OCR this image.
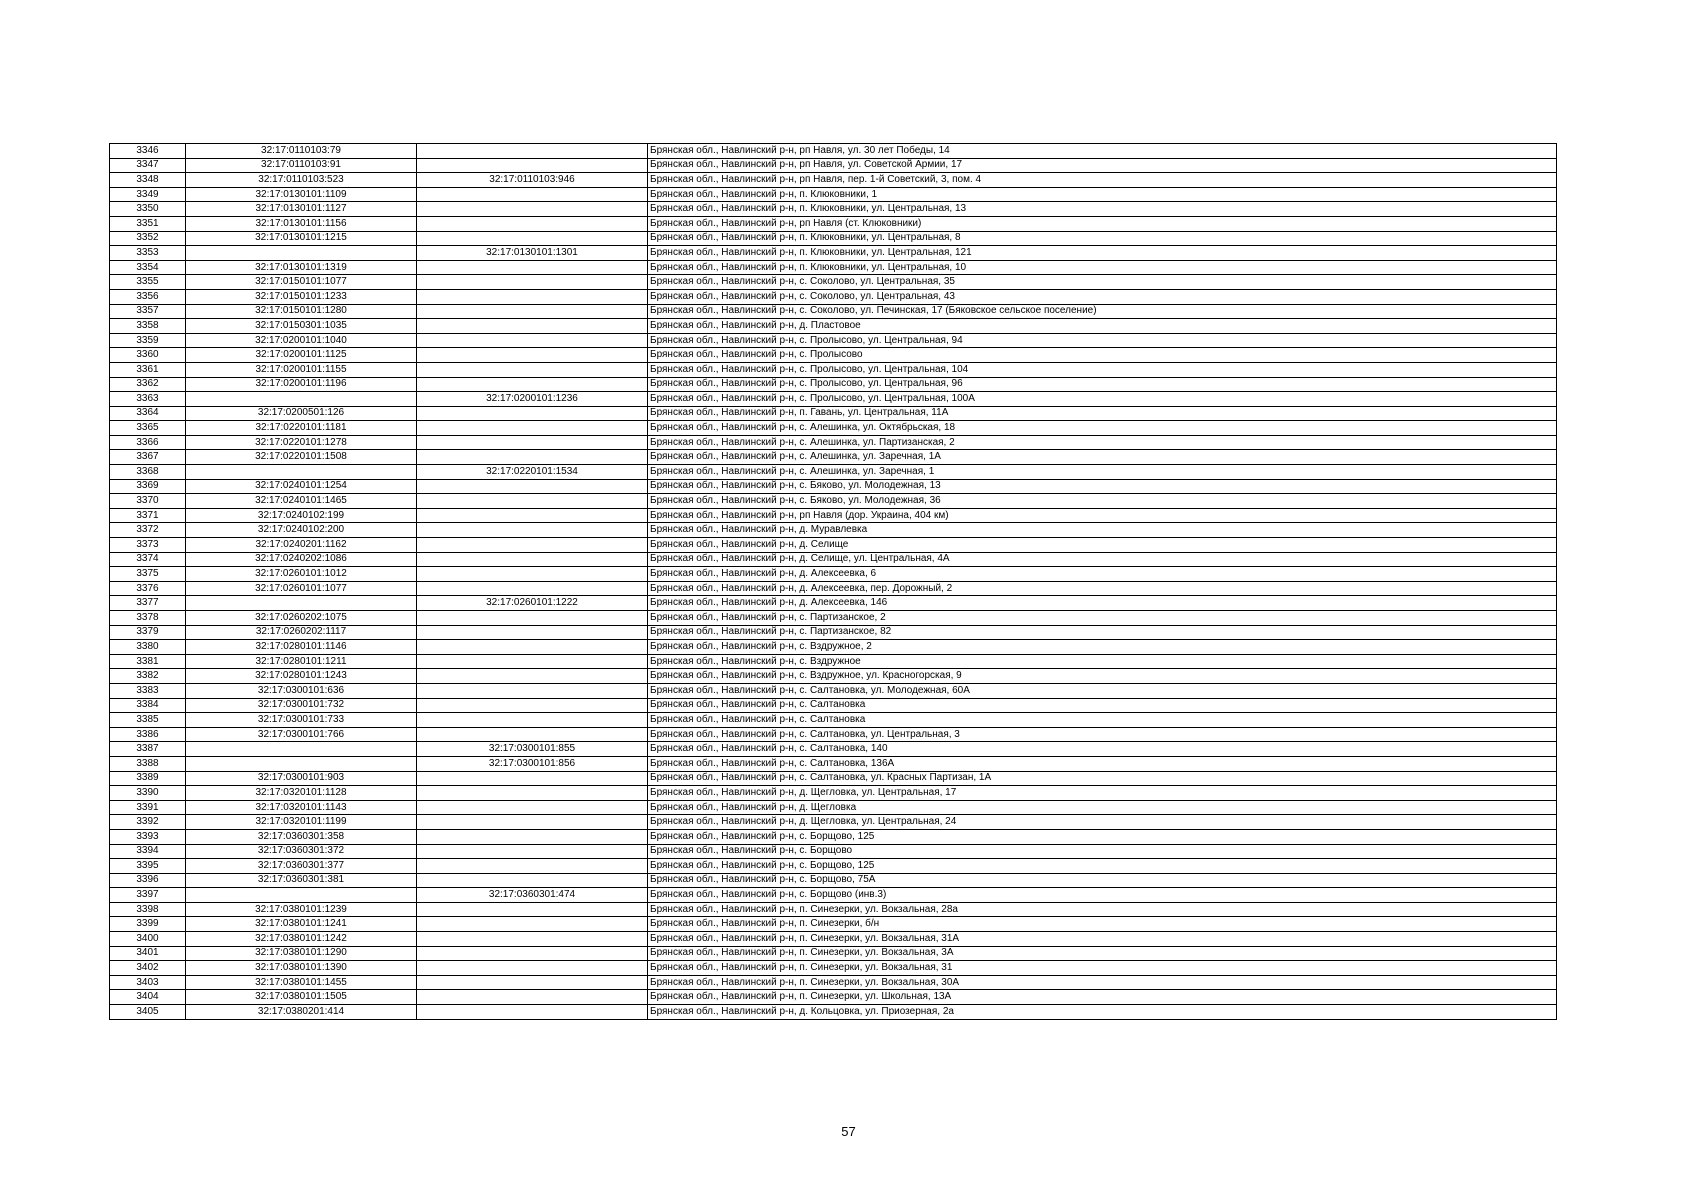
3346	32:17:0110103:79		Брянская обл., Навлинский р-н, рп Навля, ул. 30 лет Победы, 14
3347	32:17:0110103:91		Брянская обл., Навлинский р-н, рп Навля, ул. Советской Армии, 17
3348	32:17:0110103:523	32:17:0110103:946	Брянская обл., Навлинский р-н, рп Навля, пер. 1-й Советский, 3, пом. 4
3349	32:17:0130101:1109		Брянская обл., Навлинский р-н, п. Клюковники, 1
3350	32:17:0130101:1127		Брянская обл., Навлинский р-н, п. Клюковники, ул. Центральная, 13
3351	32:17:0130101:1156		Брянская обл., Навлинский р-н, рп Навля (ст. Клюковники)
3352	32:17:0130101:1215		Брянская обл., Навлинский р-н, п. Клюковники, ул. Центральная, 8
3353		32:17:0130101:1301	Брянская обл., Навлинский р-н, п. Клюковники, ул. Центральная, 121
3354	32:17:0130101:1319		Брянская обл., Навлинский р-н, п. Клюковники, ул. Центральная, 10
3355	32:17:0150101:1077		Брянская обл., Навлинский р-н, с. Соколово, ул. Центральная, 35
3356	32:17:0150101:1233		Брянская обл., Навлинский р-н, с. Соколово, ул. Центральная, 43
3357	32:17:0150101:1280		Брянская обл., Навлинский р-н, с. Соколово, ул. Печинская, 17 (Бяковское сельское поселение)
3358	32:17:0150301:1035		Брянская обл., Навлинский р-н, д. Пластовое
3359	32:17:0200101:1040		Брянская обл., Навлинский р-н, с. Пролысово, ул. Центральная, 94
3360	32:17:0200101:1125		Брянская обл., Навлинский р-н, с. Пролысово
3361	32:17:0200101:1155		Брянская обл., Навлинский р-н, с. Пролысово, ул. Центральная, 104
3362	32:17:0200101:1196		Брянская обл., Навлинский р-н, с. Пролысово, ул. Центральная, 96
3363		32:17:0200101:1236	Брянская обл., Навлинский р-н, с. Пролысово, ул. Центральная, 100А
3364	32:17:0200501:126		Брянская обл., Навлинский р-н, п. Гавань, ул. Центральная, 11А
3365	32:17:0220101:1181		Брянская обл., Навлинский р-н, с. Алешинка, ул. Октябрьская, 18
3366	32:17:0220101:1278		Брянская обл., Навлинский р-н, с. Алешинка, ул. Партизанская, 2
3367	32:17:0220101:1508		Брянская обл., Навлинский р-н, с. Алешинка, ул. Заречная, 1А
3368		32:17:0220101:1534	Брянская обл., Навлинский р-н, с. Алешинка, ул. Заречная, 1
3369	32:17:0240101:1254		Брянская обл., Навлинский р-н, с. Бяково, ул. Молодежная, 13
3370	32:17:0240101:1465		Брянская обл., Навлинский р-н, с. Бяково, ул. Молодежная, 36
3371	32:17:0240102:199		Брянская обл., Навлинский р-н, рп Навля (дор. Украина, 404 км)
3372	32:17:0240102:200		Брянская обл., Навлинский р-н, д. Муравлевка
3373	32:17:0240201:1162		Брянская обл., Навлинский р-н, д. Селище
3374	32:17:0240202:1086		Брянская обл., Навлинский р-н, д. Селище, ул. Центральная, 4А
3375	32:17:0260101:1012		Брянская обл., Навлинский р-н, д. Алексеевка, 6
3376	32:17:0260101:1077		Брянская обл., Навлинский р-н, д. Алексеевка, пер. Дорожный, 2
3377		32:17:0260101:1222	Брянская обл., Навлинский р-н, д. Алексеевка, 146
3378	32:17:0260202:1075		Брянская обл., Навлинский р-н, с. Партизанское, 2
3379	32:17:0260202:1117		Брянская обл., Навлинский р-н, с. Партизанское, 82
3380	32:17:0280101:1146		Брянская обл., Навлинский р-н, с. Вздружное, 2
3381	32:17:0280101:1211		Брянская обл., Навлинский р-н, с. Вздружное
3382	32:17:0280101:1243		Брянская обл., Навлинский р-н, с. Вздружное, ул. Красногорская, 9
3383	32:17:0300101:636		Брянская обл., Навлинский р-н, с. Салтановка, ул. Молодежная, 60А
3384	32:17:0300101:732		Брянская обл., Навлинский р-н, с. Салтановка
3385	32:17:0300101:733		Брянская обл., Навлинский р-н, с. Салтановка
3386	32:17:0300101:766		Брянская обл., Навлинский р-н, с. Салтановка, ул. Центральная, 3
3387		32:17:0300101:855	Брянская обл., Навлинский р-н, с. Салтановка, 140
3388		32:17:0300101:856	Брянская обл., Навлинский р-н, с. Салтановка, 136А
3389	32:17:0300101:903		Брянская обл., Навлинский р-н, с. Салтановка, ул. Красных Партизан, 1А
3390	32:17:0320101:1128		Брянская обл., Навлинский р-н, д. Щегловка, ул. Центральная, 17
3391	32:17:0320101:1143		Брянская обл., Навлинский р-н, д. Щегловка
3392	32:17:0320101:1199		Брянская обл., Навлинский р-н, д. Щегловка, ул. Центральная, 24
3393	32:17:0360301:358		Брянская обл., Навлинский р-н, с. Борщово, 125
3394	32:17:0360301:372		Брянская обл., Навлинский р-н, с. Борщово
3395	32:17:0360301:377		Брянская обл., Навлинский р-н, с. Борщово, 125
3396	32:17:0360301:381		Брянская обл., Навлинский р-н, с. Борщово, 75А
3397		32:17:0360301:474	Брянская обл., Навлинский р-н, с. Борщово (инв.3)
3398	32:17:0380101:1239		Брянская обл., Навлинский р-н, п. Синезерки, ул. Вокзальная, 28а
3399	32:17:0380101:1241		Брянская обл., Навлинский р-н, п. Синезерки, б/н
3400	32:17:0380101:1242		Брянская обл., Навлинский р-н, п. Синезерки, ул. Вокзальная, 31А
3401	32:17:0380101:1290		Брянская обл., Навлинский р-н, п. Синезерки, ул. Вокзальная, 3А
3402	32:17:0380101:1390		Брянская обл., Навлинский р-н, п. Синезерки, ул. Вокзальная, 31
3403	32:17:0380101:1455		Брянская обл., Навлинский р-н, п. Синезерки, ул. Вокзальная, 30А
3404	32:17:0380101:1505		Брянская обл., Навлинский р-н, п. Синезерки, ул. Школьная, 13А
3405	32:17:0380201:414		Брянская обл., Навлинский р-н, д. Кольцовка, ул. Приозерная, 2а
57
